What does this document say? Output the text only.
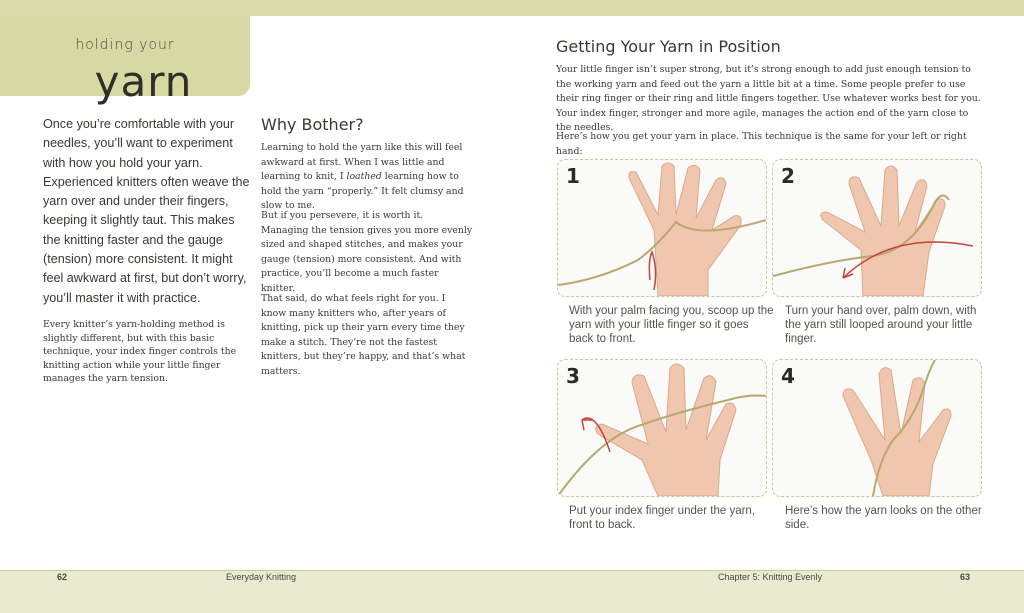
holding your
yarn
Once you’re comfortable with your needles, you’ll want to experiment with how you hold your yarn. Experienced knitters often weave the yarn over and under their fingers, keeping it slightly taut. This makes the knitting faster and the gauge (tension) more consistent. It might feel awkward at first, but don’t worry, you’ll master it with practice.
Every knitter’s yarn-holding method is slightly different, but with this basic technique, your index finger controls the knitting action while your little finger manages the yarn tension.
Why Bother?

Learning to hold the yarn like this will feel awkward at first. When I was little and learning to knit, I loathed learning how to hold the yarn “properly.” It felt clumsy and slow to me.

But if you persevere, it is worth it. Managing the tension gives you more evenly sized and shaped stitches, and makes your gauge (tension) more consistent. And with practice, you’ll become a much faster knitter.

That said, do what feels right for you. I know many knitters who, after years of knitting, pick up their yarn every time they make a stitch. They’re not the fastest knitters, but they’re happy, and that’s what matters.

Getting Your Yarn in Position

Your little finger isn’t super strong, but it’s strong enough to add just enough tension to the working yarn and feed out the yarn a little bit at a time. Some people prefer to use their ring finger or their ring and little fingers together. Use whatever works best for you. Your index finger, stronger and more agile, manages the action end of the yarn close to the needles.

Here’s how you get your yarn in place. This technique is the same for your left or right hand:

1
With your palm facing you, scoop up the yarn with your little finger so it goes back to front.
2
Turn your hand over, palm down, with the yarn still looped around your little finger.
3
Put your index finger under the yarn, front to back.
4
Here’s how the yarn looks on the other side.
62	Everyday Knitting	Chapter 5: Knitting Evenly	63
